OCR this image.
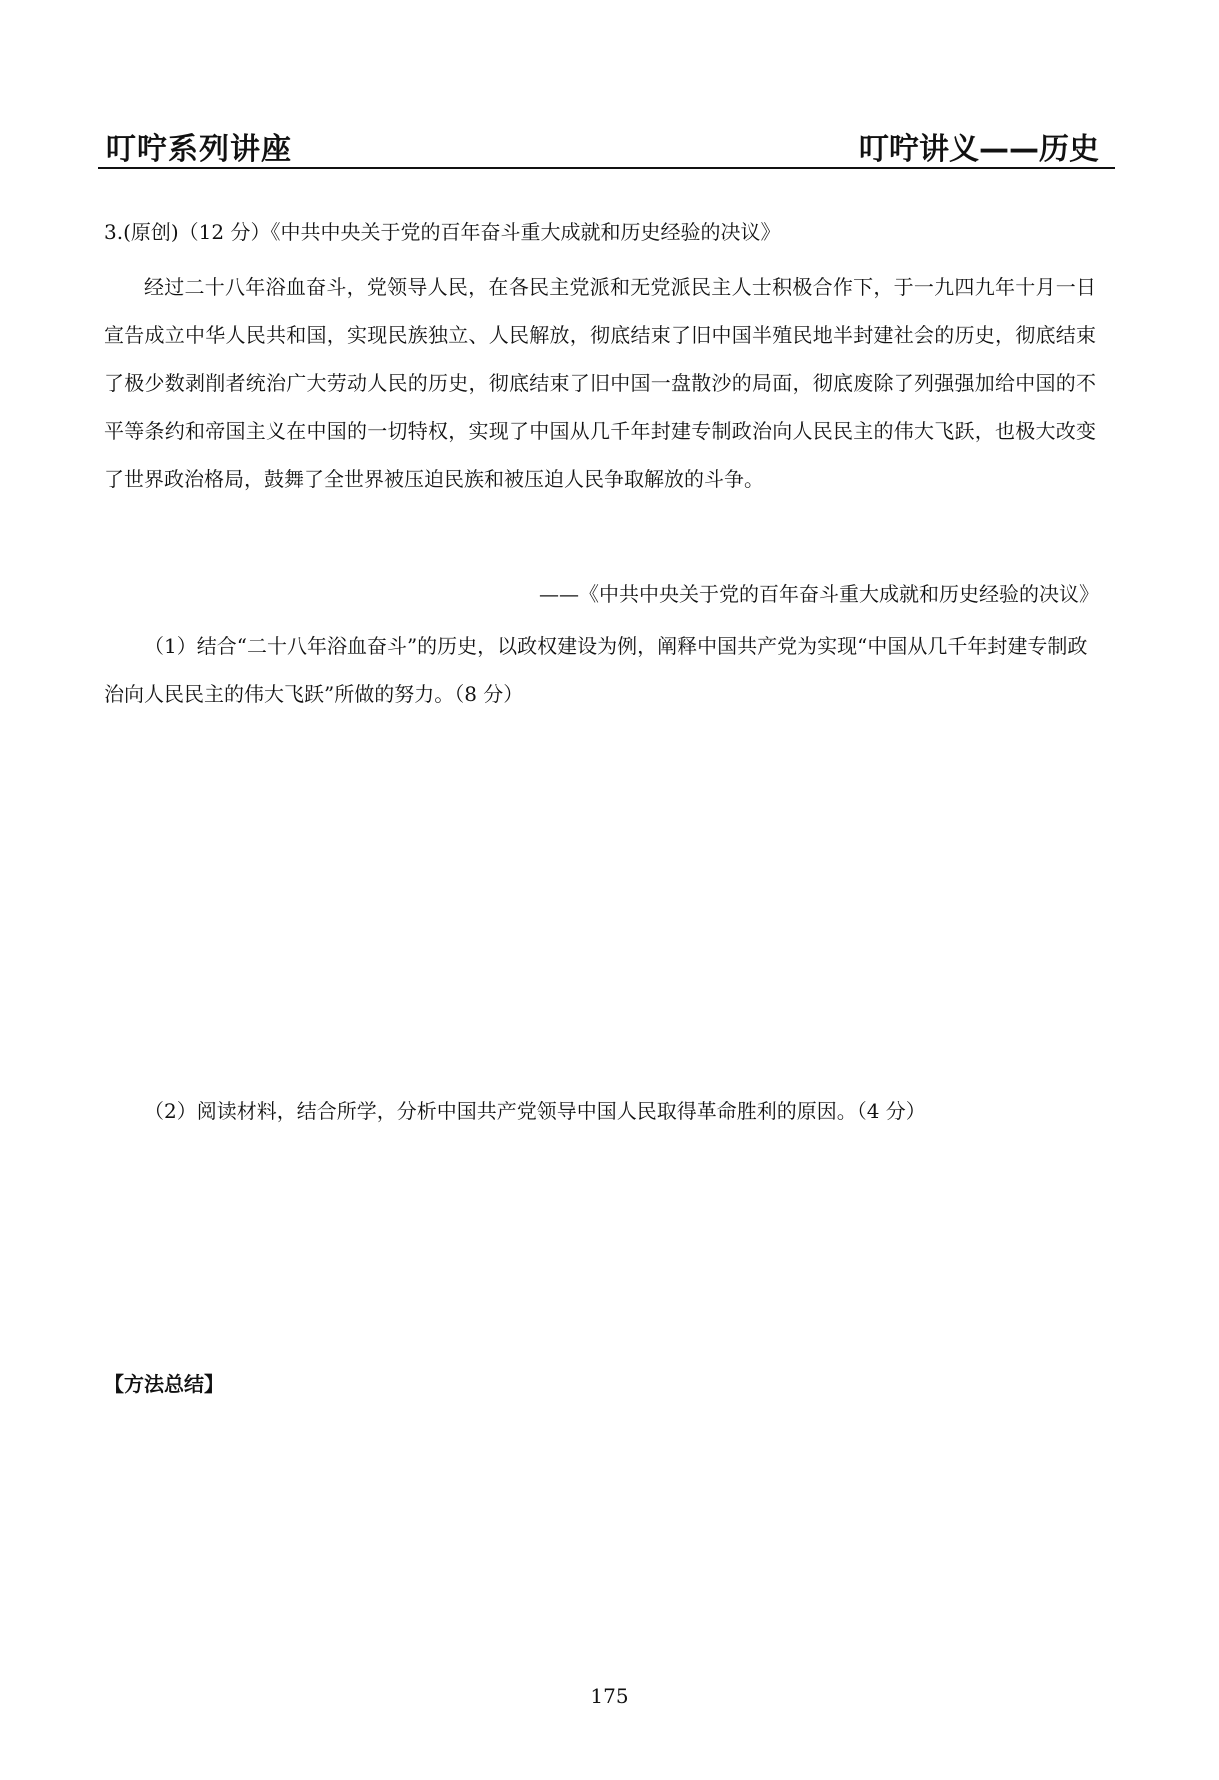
叮咛系列讲座	叮咛讲义——历史
3.(原创)（12 分）《中共中央关于党的百年奋斗重大成就和历史经验的决议》

经过二十八年浴血奋斗，党领导人民，在各民主党派和无党派民主人士积极合作下，于一九四九年十月一日宣告成立中华人民共和国，实现民族独立、人民解放，彻底结束了旧中国半殖民地半封建社会的历史，彻底结束了极少数剥削者统治广大劳动人民的历史，彻底结束了旧中国一盘散沙的局面，彻底废除了列强强加给中国的不平等条约和帝国主义在中国的一切特权，实现了中国从几千年封建专制政治向人民民主的伟大飞跃，也极大改变了世界政治格局，鼓舞了全世界被压迫民族和被压迫人民争取解放的斗争。

——《中共中央关于党的百年奋斗重大成就和历史经验的决议》

（1）结合“二十八年浴血奋斗”的历史，以政权建设为例，阐释中国共产党为实现“中国从几千年封建专制政治向人民民主的伟大飞跃”所做的努力。（8 分）

（2）阅读材料，结合所学，分析中国共产党领导中国人民取得革命胜利的原因。（4 分）
【方法总结】
175
